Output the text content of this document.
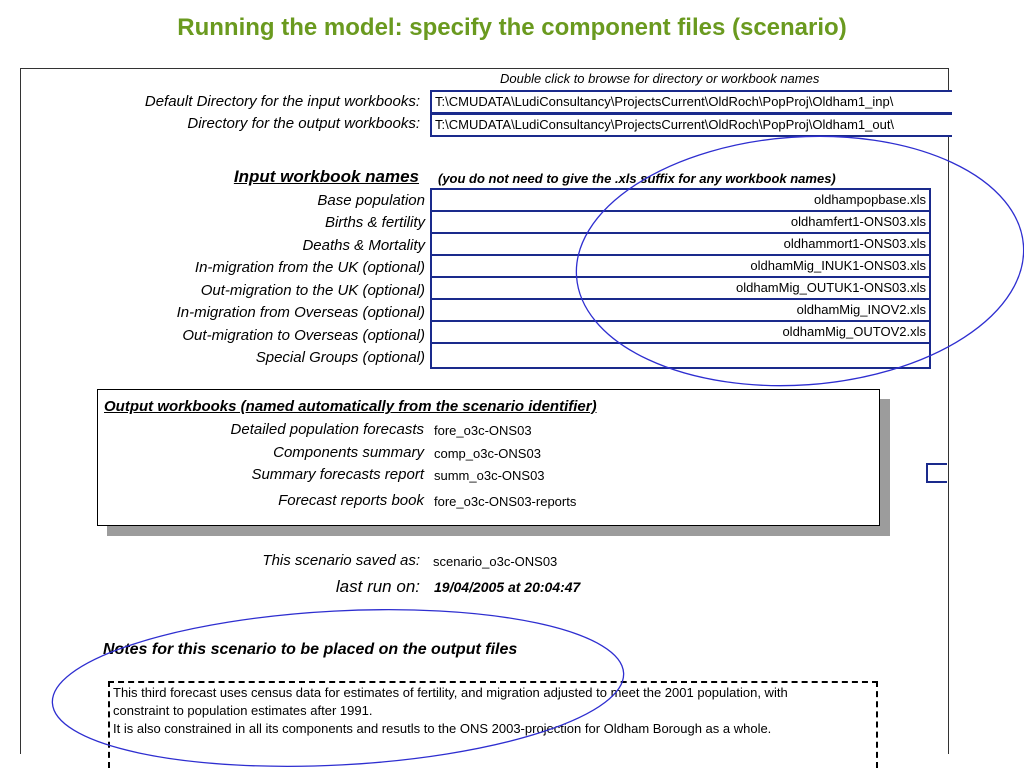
Running the model: specify the component files (scenario)
Double click to browse for directory or workbook names
Default Directory for the input workbooks:	T:\CMUDATA\LudiConsultancy\ProjectsCurrent\OldRoch\PopProj\Oldham1_inp\
Directory for the output workbooks:	T:\CMUDATA\LudiConsultancy\ProjectsCurrent\OldRoch\PopProj\Oldham1_out\
Input workbook names (you do not need to give the .xls suffix for any workbook names)
Base population	oldhampopbase.xls
Births & fertility	oldhamfert1-ONS03.xls
Deaths & Mortality	oldhammort1-ONS03.xls
In-migration from the UK (optional)	oldhamMig_INUK1-ONS03.xls
Out-migration to the UK (optional)	oldhamMig_OUTUK1-ONS03.xls
In-migration from Overseas (optional)	oldhamMig_INOV2.xls
Out-migration to Overseas (optional)	oldhamMig_OUTOV2.xls
Special Groups (optional)
Output workbooks (named automatically from the scenario identifier)
Detailed population forecasts fore_o3c-ONS03
Components summary comp_o3c-ONS03
Summary forecasts report summ_o3c-ONS03
Forecast reports book fore_o3c-ONS03-reports
This scenario saved as: scenario_o3c-ONS03
last run on: 19/04/2005 at 20:04:47
Notes for this scenario to be placed on the output files
This third forecast uses census data for estimates of fertility, and migration adjusted to meet the 2001 population, with
constraint to population estimates after 1991.
It is also constrained in all its components and resutls to the ONS 2003-projection for Oldham Borough as a whole.
